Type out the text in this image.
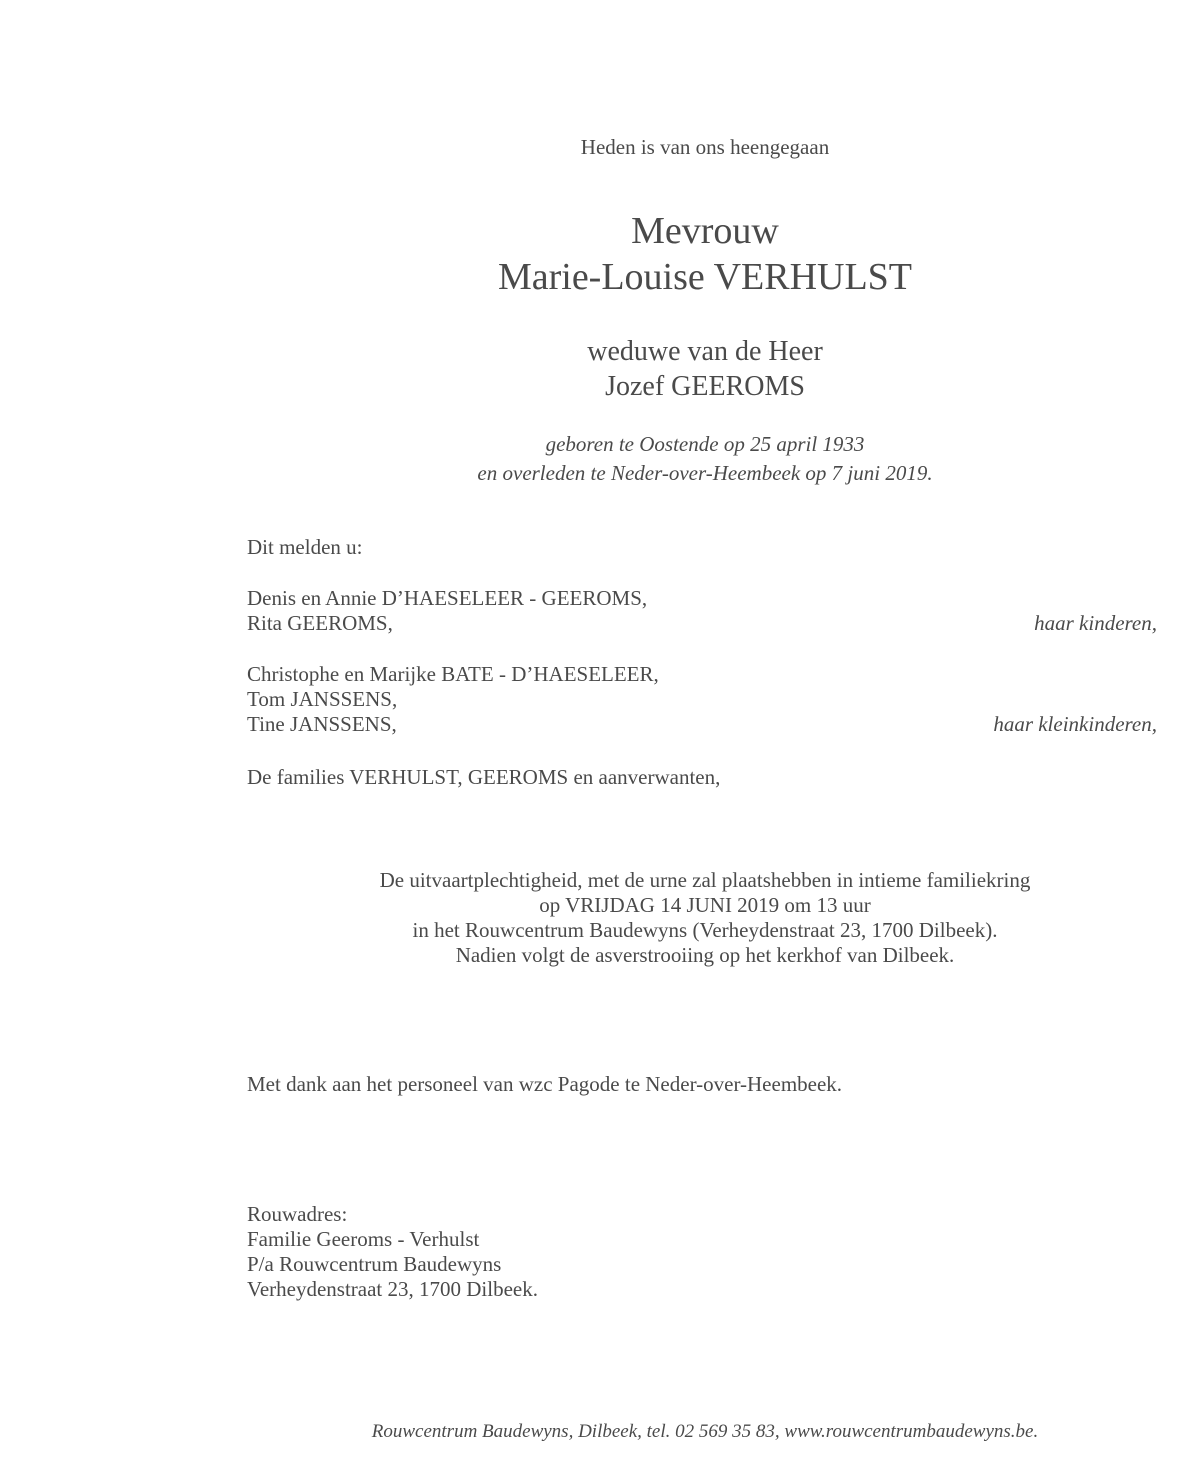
Heden is van ons heengegaan
Mevrouw
Marie-Louise VERHULST
weduwe van de Heer
Jozef GEEROMS
geboren te Oostende op 25 april 1933
en overleden te Neder-over-Heembeek op 7 juni 2019.
Dit melden u:
Denis en Annie D’HAESELEER - GEEROMS,
Rita GEEROMS,	haar kinderen,
Christophe en Marijke BATE - D’HAESELEER,
Tom JANSSENS,
Tine JANSSENS,	haar kleinkinderen,
De families VERHULST, GEEROMS en aanverwanten,
De uitvaartplechtigheid, met de urne zal plaatshebben in intieme familiekring
op VRIJDAG 14 JUNI 2019 om 13 uur
in het Rouwcentrum Baudewyns (Verheydenstraat 23, 1700 Dilbeek).
Nadien volgt de asverstrooiing op het kerkhof van Dilbeek.
Met dank aan het personeel van wzc Pagode te Neder-over-Heembeek.
Rouwadres:
Familie Geeroms - Verhulst
P/a Rouwcentrum Baudewyns
Verheydenstraat 23, 1700 Dilbeek.
Rouwcentrum Baudewyns, Dilbeek, tel. 02 569 35 83, www.rouwcentrumbaudewyns.be.
